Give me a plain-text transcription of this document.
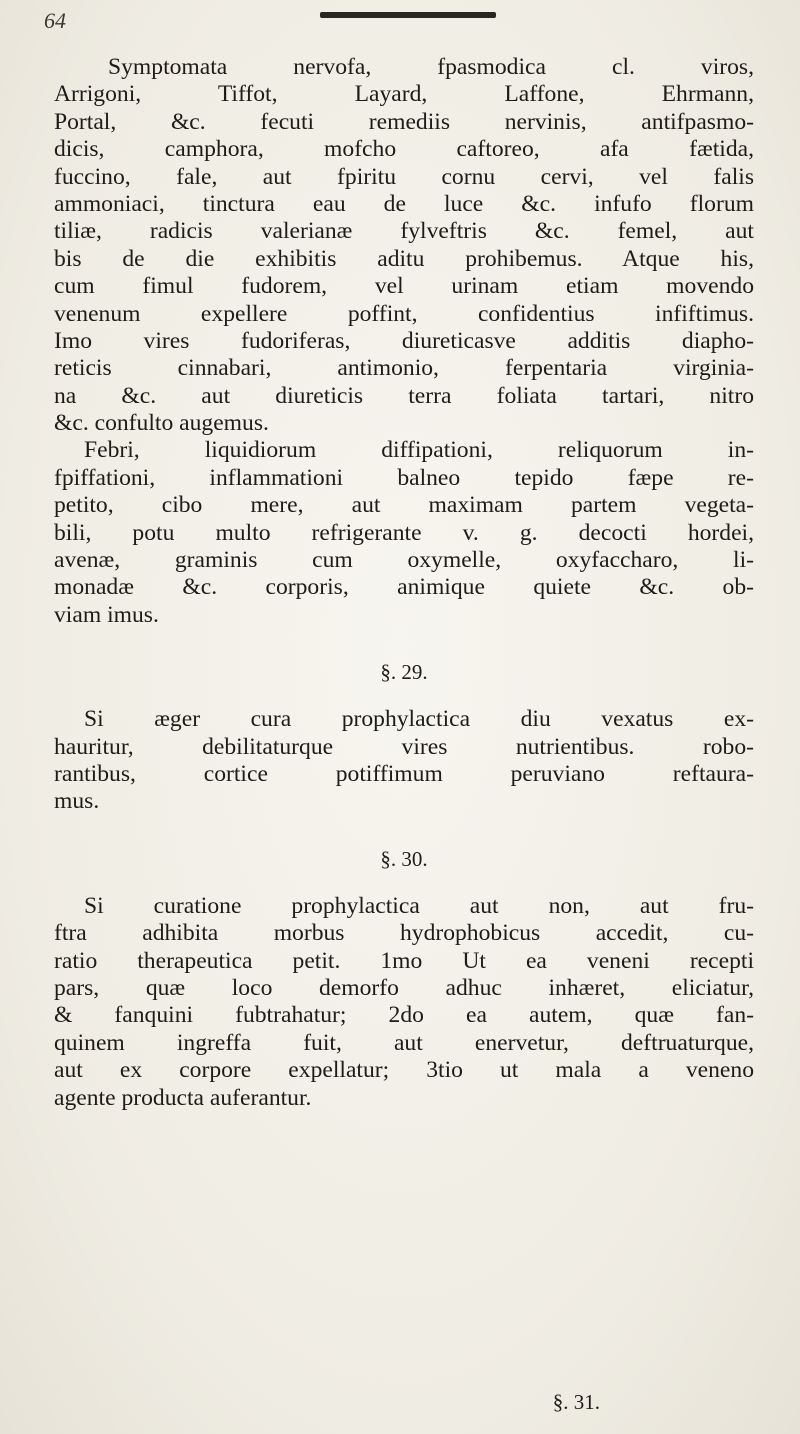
64
Symptomata nervofa, fpasmodica cl. viros,
Arrigoni, Tiffot, Layard, Laffone, Ehrmann,
Portal, &c. fecuti remediis nervinis, antifpasmo-
dicis, camphora, mofcho caftoreo, afa fætida,
fuccino, fale, aut fpiritu cornu cervi, vel falis
ammoniaci, tinctura eau de luce &c. infufo florum
tiliæ, radicis valerianæ fylveftris &c. femel, aut
bis de die exhibitis aditu prohibemus. Atque his,
cum fimul fudorem, vel urinam etiam movendo
venenum expellere poffint, confidentius infiftimus.
Imo vires fudoriferas, diureticasve additis diapho-
reticis cinnabari, antimonio, ferpentaria virginia-
na &c. aut diureticis terra foliata tartari, nitro
&c. confulto augemus.
Febri, liquidiorum diffipationi, reliquorum in-
fpiffationi, inflammationi balneo tepido fæpe re-
petito, cibo mere, aut maximam partem vegeta-
bili, potu multo refrigerante v. g. decocti hordei,
avenæ, graminis cum oxymelle, oxyfaccharo, li-
monadæ &c. corporis, animique quiete &c. ob-
viam imus.
§. 29.
Si æger cura prophylactica diu vexatus ex-
hauritur, debilitaturque vires nutrientibus. robo-
rantibus, cortice potiffimum peruviano reftaura-
mus.
§. 30.
Si curatione prophylactica aut non, aut fru-
ftra adhibita morbus hydrophobicus accedit, cu-
ratio therapeutica petit. 1mo Ut ea veneni recepti
pars, quæ loco demorfo adhuc inhæret, eliciatur,
& fanquini fubtrahatur; 2do ea autem, quæ fan-
quinem ingreffa fuit, aut enervetur, deftruaturque,
aut ex corpore expellatur; 3tio ut mala a veneno
agente producta auferantur.
§. 31.
